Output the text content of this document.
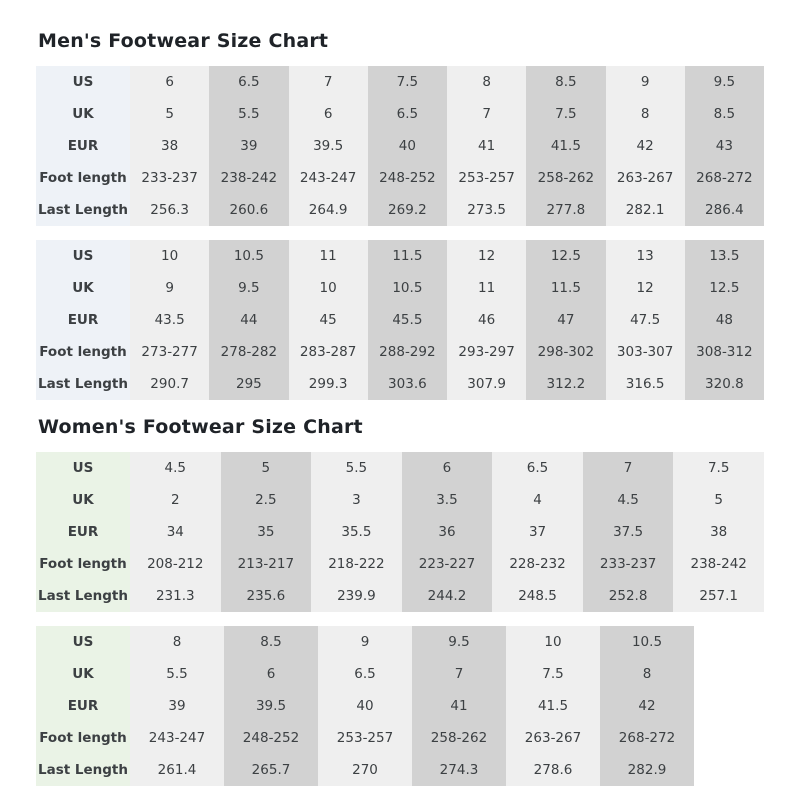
Men's Footwear Size Chart
US	6	6.5	7	7.5	8	8.5	9	9.5
UK	5	5.5	6	6.5	7	7.5	8	8.5
EUR	38	39	39.5	40	41	41.5	42	43
Foot length	233-237	238-242	243-247	248-252	253-257	258-262	263-267	268-272
Last Length	256.3	260.6	264.9	269.2	273.5	277.8	282.1	286.4
US	10	10.5	11	11.5	12	12.5	13	13.5
UK	9	9.5	10	10.5	11	11.5	12	12.5
EUR	43.5	44	45	45.5	46	47	47.5	48
Foot length	273-277	278-282	283-287	288-292	293-297	298-302	303-307	308-312
Last Length	290.7	295	299.3	303.6	307.9	312.2	316.5	320.8
Women's Footwear Size Chart
US	4.5	5	5.5	6	6.5	7	7.5
UK	2	2.5	3	3.5	4	4.5	5
EUR	34	35	35.5	36	37	37.5	38
Foot length	208-212	213-217	218-222	223-227	228-232	233-237	238-242
Last Length	231.3	235.6	239.9	244.2	248.5	252.8	257.1
US	8	8.5	9	9.5	10	10.5
UK	5.5	6	6.5	7	7.5	8
EUR	39	39.5	40	41	41.5	42
Foot length	243-247	248-252	253-257	258-262	263-267	268-272
Last Length	261.4	265.7	270	274.3	278.6	282.9
